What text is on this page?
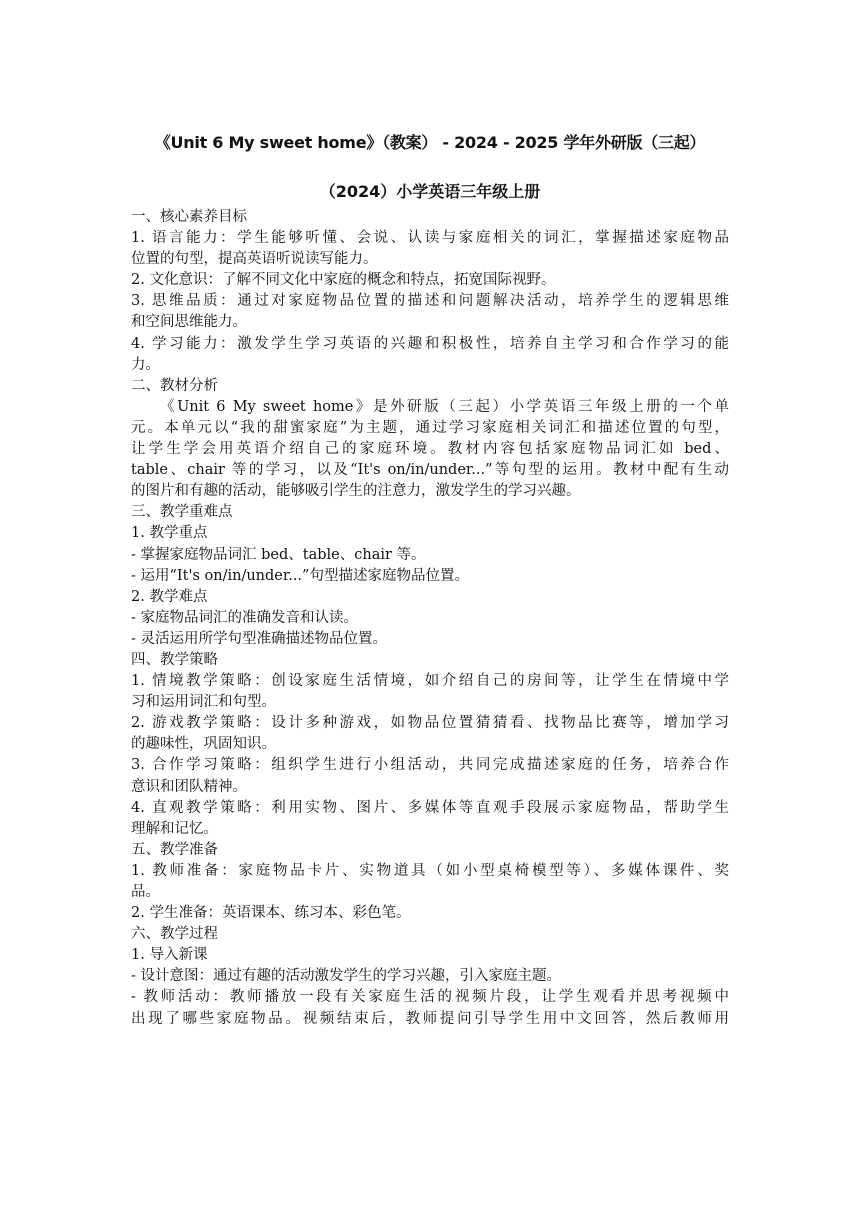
《Unit 6 My sweet home》（教案） - 2024 - 2025 学年外研版（三起）

（2024）小学英语三年级上册

一、核心素养目标

1. 语言能力：学生能够听懂、会说、认读与家庭相关的词汇，掌握描述家庭物品

位置的句型，提高英语听说读写能力。

2. 文化意识：了解不同文化中家庭的概念和特点，拓宽国际视野。

3. 思维品质：通过对家庭物品位置的描述和问题解决活动，培养学生的逻辑思维

和空间思维能力。

4. 学习能力：激发学生学习英语的兴趣和积极性，培养自主学习和合作学习的能

力。

二、教材分析

《Unit 6 My sweet home》是外研版（三起）小学英语三年级上册的一个单

元。本单元以“我的甜蜜家庭”为主题，通过学习家庭相关词汇和描述位置的句型，

让学生学会用英语介绍自己的家庭环境。教材内容包括家庭物品词汇如 bed、

table、chair 等的学习，以及“It's on/in/under...”等句型的运用。教材中配有生动

的图片和有趣的活动，能够吸引学生的注意力，激发学生的学习兴趣。

三、教学重难点

1. 教学重点

- 掌握家庭物品词汇 bed、table、chair 等。

- 运用“It's on/in/under...”句型描述家庭物品位置。

2. 教学难点

- 家庭物品词汇的准确发音和认读。

- 灵活运用所学句型准确描述物品位置。

四、教学策略

1. 情境教学策略：创设家庭生活情境，如介绍自己的房间等，让学生在情境中学

习和运用词汇和句型。

2. 游戏教学策略：设计多种游戏，如物品位置猜猜看、找物品比赛等，增加学习

的趣味性，巩固知识。

3. 合作学习策略：组织学生进行小组活动，共同完成描述家庭的任务，培养合作

意识和团队精神。

4. 直观教学策略：利用实物、图片、多媒体等直观手段展示家庭物品，帮助学生

理解和记忆。

五、教学准备

1. 教师准备：家庭物品卡片、实物道具（如小型桌椅模型等）、多媒体课件、奖

品。

2. 学生准备：英语课本、练习本、彩色笔。

六、教学过程

1. 导入新课

- 设计意图：通过有趣的活动激发学生的学习兴趣，引入家庭主题。

- 教师活动：教师播放一段有关家庭生活的视频片段，让学生观看并思考视频中

出现了哪些家庭物品。视频结束后，教师提问引导学生用中文回答，然后教师用
